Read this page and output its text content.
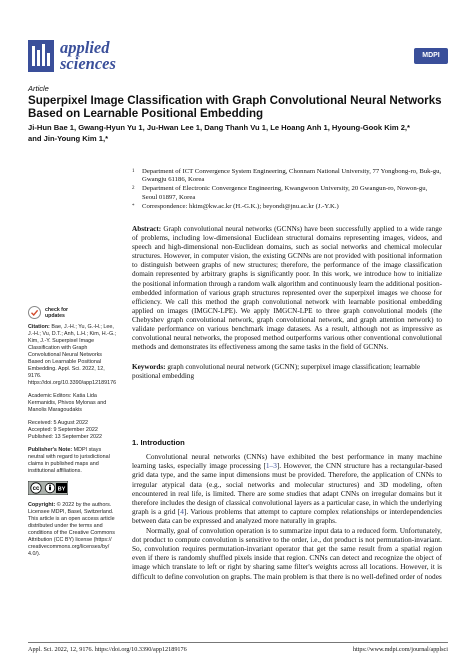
applied
sciences	MDPI
Article
Superpixel Image Classification with Graph Convolutional Neural Networks Based on Learnable Positional Embedding
Ji-Hun Bae 1, Gwang-Hyun Yu 1, Ju-Hwan Lee 1, Dang Thanh Vu 1, Le Hoang Anh 1, Hyoung-Gook Kim 2,*
and Jin-Young Kim 1,*
1	Department of ICT Convergence System Engineering, Chonnam National University, 77 Yongbong-ro, Buk-gu, Gwangju 61186, Korea
2	Department of Electronic Convergence Engineering, Kwangwoon University, 20 Gwangun-ro, Nowon-gu, Seoul 01897, Korea
*	Correspondence: hkim@kw.ac.kr (H.-G.K.); beyondi@jnu.ac.kr (J.-Y.K.)
Abstract: Graph convolutional neural networks (GCNNs) have been successfully applied to a wide range of problems, including low-dimensional Euclidean structural domains representing images, videos, and speech and high-dimensional non-Euclidean domains, such as social networks and chemical molecular structures. However, in computer vision, the existing GCNNs are not provided with positional information to distinguish between graphs of new structures; therefore, the performance of the image classification domain represented by arbitrary graphs is significantly poor. In this work, we introduce how to initialize the positional information through a random walk algorithm and continuously learn the additional position-embedded information of various graph structures represented over the superpixel images we choose for efficiency. We call this method the graph convolutional network with learnable positional embedding applied on images (IMGCN-LPE). We apply IMGCN-LPE to three graph convolutional models (the Chebyshev graph convolutional network, graph convolutional network, and graph attention network) to validate performance on various benchmark image datasets. As a result, although not as impressive as convolutional neural networks, the proposed method outperforms various other conventional convolutional methods and demonstrates its effectiveness among the same tasks in the field of GCNNs.
Keywords: graph convolutional neural network (GCNN); superpixel image classification; learnable positional embedding
check for
updates
Citation: Bae, J.-H.; Yu, G.-H.; Lee, J.-H.; Vu, D.T.; Anh, L.H.; Kim, H.-G.; Kim, J.-Y. Superpixel Image Classification with Graph Convolutional Neural Networks Based on Learnable Positional Embedding. Appl. Sci. 2022, 12, 9176. https://doi.org/10.3390/app12189176
Academic Editors: Katia Lida Kermanidis, Phivos Mylonas and Manolis Maragoudakis
Received: 5 August 2022
Accepted: 9 September 2022
Published: 13 September 2022
Publisher's Note: MDPI stays neutral with regard to jurisdictional claims in published maps and institutional affiliations.
cc	BY
Copyright: © 2022 by the authors. Licensee MDPI, Basel, Switzerland. This article is an open access article distributed under the terms and conditions of the Creative Commons Attribution (CC BY) license (https:// creativecommons.org/licenses/by/ 4.0/).
1. Introduction

Convolutional neural networks (CNNs) have exhibited the best performance in many machine learning tasks, especially image processing [1–3]. However, the CNN structure has a rectangular-based grid data type, and the same input dimensions must be provided. Therefore, the application of CNNs to irregular atypical data (e.g., social networks and molecular structures) and 3D modeling, often encountered in real life, is limited. There are some studies that adapt CNNs on irregular domains but it therefore includes the design of classical convolutional layers as a particular case, in which the underlying graph is a grid [4]. Various problems that attempt to capture complex relationships or interdependencies between data can be expressed and analyzed more naturally in graphs.

Normally, goal of convolution operation is to summarize input data to a reduced form. Unfortunately, dot product to compute convolution is sensitive to the order, i.e., dot product is not permutation-invariant. So, convolution requires permutation-invariant operator that get the same result from a spatial region even if there is randomly shuffled pixels inside that region. CNNs can detect and recognize the object of image which translate to left or right by sharing same filter's weights across all locations. However, it is difficult to define convolution on graphs. The main problem is that there is no well-defined order of nodes

Appl. Sci. 2022, 12, 9176. https://doi.org/10.3390/app12189176	https://www.mdpi.com/journal/applsci
